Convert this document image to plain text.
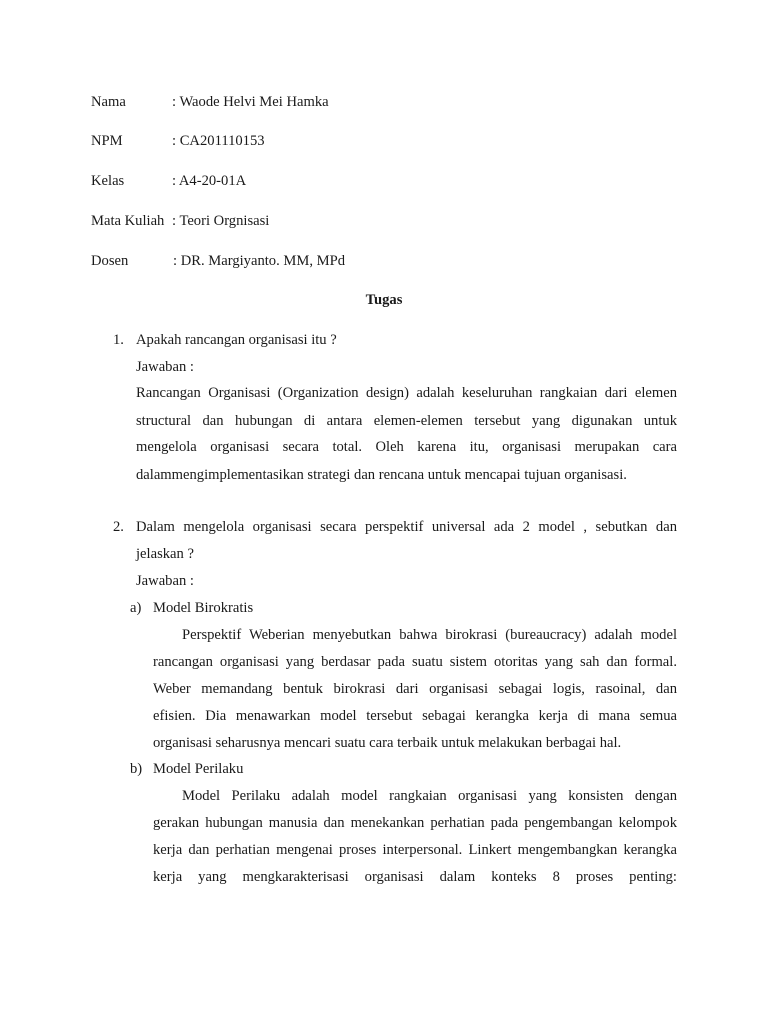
Nama	: Waode Helvi Mei Hamka
NPM	: CA201110153
Kelas	: A4-20-01A
Mata Kuliah : Teori Orgnisasi
Dosen	: DR. Margiyanto. MM, MPd
Tugas
1. Apakah rancangan organisasi itu ?
Jawaban :
Rancangan Organisasi (Organization design) adalah keseluruhan rangkaian dari elemen
structural dan hubungan di antara elemen-elemen tersebut yang digunakan untuk
mengelola organisasi secara total. Oleh karena itu, organisasi merupakan cara
dalammengimplementasikan strategi dan rencana untuk mencapai tujuan organisasi.
2. Dalam mengelola organisasi secara perspektif universal ada 2 model , sebutkan dan
jelaskan ?
Jawaban :
a) Model Birokratis
Perspektif Weberian menyebutkan bahwa birokrasi (bureaucracy) adalah model
rancangan organisasi yang berdasar pada suatu sistem otoritas yang sah dan formal.
Weber memandang bentuk birokrasi dari organisasi sebagai logis, rasoinal, dan
efisien. Dia menawarkan model tersebut sebagai kerangka kerja di mana semua
organisasi seharusnya mencari suatu cara terbaik untuk melakukan berbagai hal.
b) Model Perilaku
Model Perilaku adalah model rangkaian organisasi yang konsisten dengan
gerakan hubungan manusia dan menekankan perhatian pada pengembangan kelompok
kerja dan perhatian mengenai proses interpersonal. Linkert mengembangkan kerangka
kerja yang mengkarakterisasi organisasi dalam konteks 8 proses penting:
